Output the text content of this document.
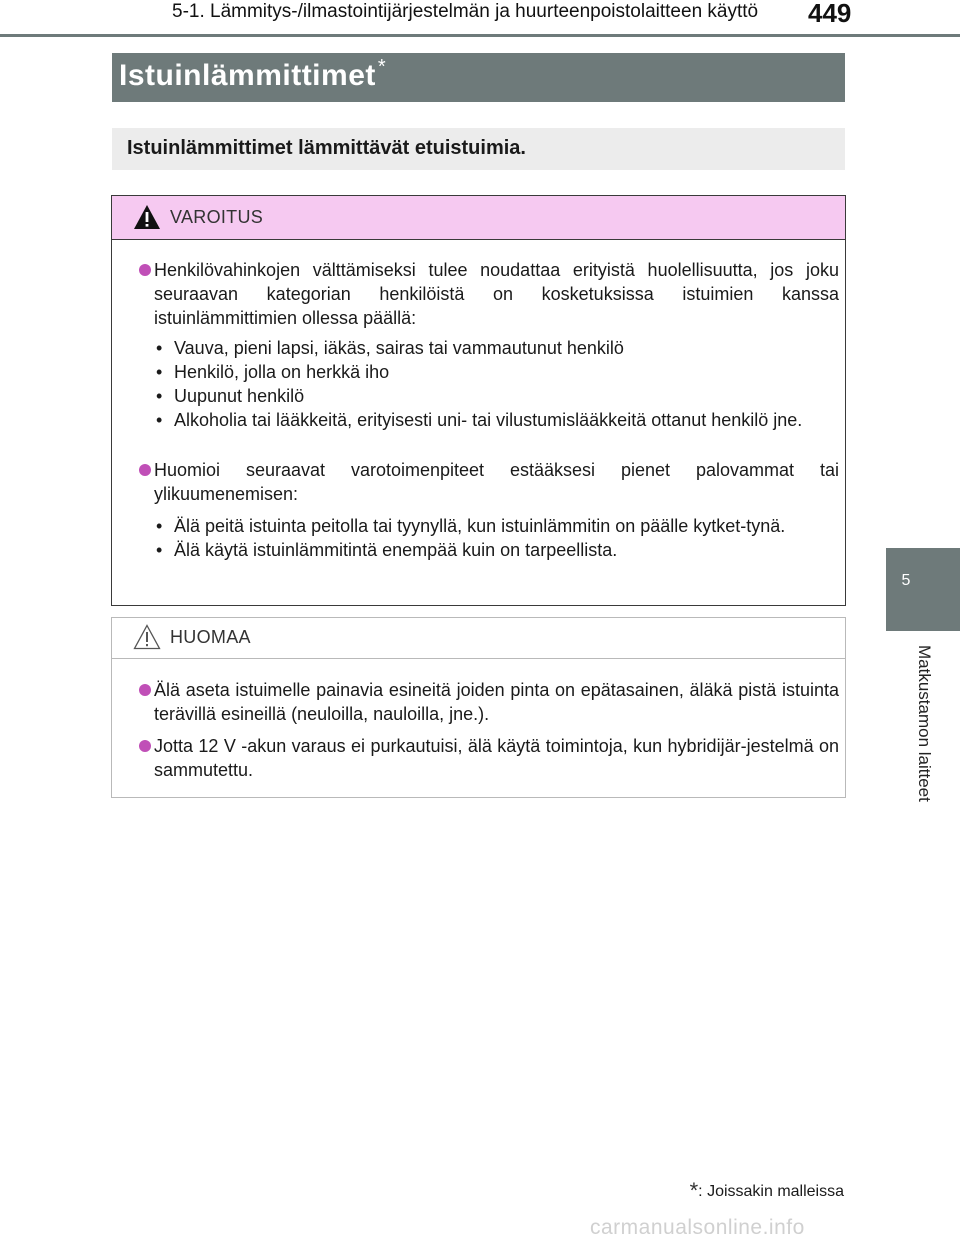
5-1. Lämmitys-/ilmastointijärjestelmän ja huurteenpoistolaitteen käyttö 449
Istuinlämmittimet *
Istuinlämmittimet lämmittävät etuistuimia.
VAROITUS
Henkilövahinkojen välttämiseksi tulee noudattaa erityistä huolellisuutta, jos joku seuraavan kategorian henkilöistä on kosketuksissa istuimien kanssa istuinlämmittimien ollessa päällä:
• Vauva, pieni lapsi, iäkäs, sairas tai vammautunut henkilö
• Henkilö, jolla on herkkä iho
• Uupunut henkilö
• Alkoholia tai lääkkeitä, erityisesti uni- tai vilustumislääkkeitä ottanut henkilö jne.
Huomioi seuraavat varotoimenpiteet estääksesi pienet palovammat tai ylikuumenemisen:
• Älä peitä istuinta peitolla tai tyynyllä, kun istuinlämmitin on päälle kytket-tynä.
• Älä käytä istuinlämmitintä enempää kuin on tarpeellista.
HUOMAA
Älä aseta istuimelle painavia esineitä joiden pinta on epätasainen, äläkä pistä istuinta terävillä esineillä (neuloilla, nauloilla, jne.).
Jotta 12 V -akun varaus ei purkautuisi, älä käytä toimintoja, kun hybridijär-jestelmä on sammutettu.
5
Matkustamon laitteet
*: Joissakin malleissa
carmanualsonline.info
